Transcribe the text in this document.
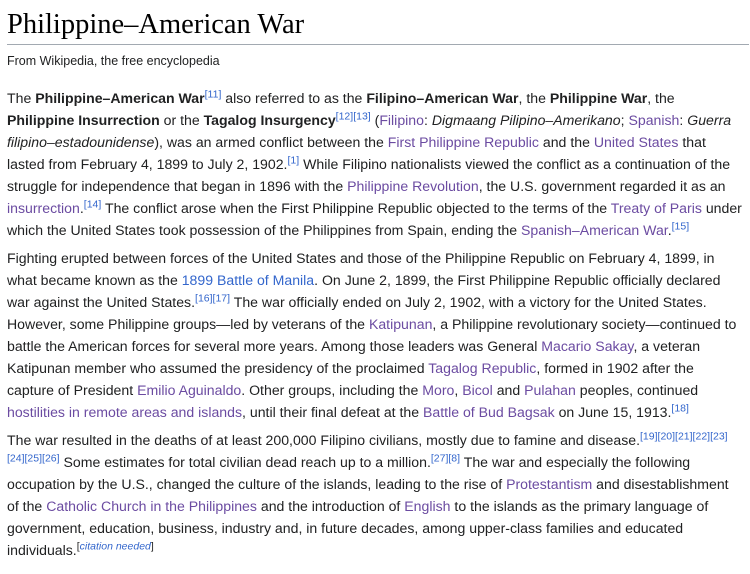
Philippine–American War
From Wikipedia, the free encyclopedia

The Philippine–American War[11] also referred to as the Filipino–American War, the Philippine War, the
Philippine Insurrection or the Tagalog Insurgency[12][13] (Filipino: Digmaang Pilipino–Amerikano; Spanish: Guerra filipino–estadounidense), was an armed conflict between the First Philippine Republic and the United States that lasted from February 4, 1899 to July 2, 1902.[1] While Filipino nationalists viewed the conflict as a continuation of the struggle for independence that began in 1896 with the Philippine Revolution, the U.S. government regarded it as an insurrection.[14] The conflict arose when the First Philippine Republic objected to the terms of the Treaty of Paris under which the United States took possession of the Philippines from Spain, ending the Spanish–American War.[15]

Fighting erupted between forces of the United States and those of the Philippine Republic on February 4, 1899, in what became known as the 1899 Battle of Manila. On June 2, 1899, the First Philippine Republic officially declared war against the United States.[16][17] The war officially ended on July 2, 1902, with a victory for the United States. However, some Philippine groups—led by veterans of the Katipunan, a Philippine revolutionary society—continued to battle the American forces for several more years. Among those leaders was General Macario Sakay, a veteran Katipunan member who assumed the presidency of the proclaimed Tagalog Republic, formed in 1902 after the capture of President Emilio Aguinaldo. Other groups, including the Moro, Bicol and Pulahan peoples, continued hostilities in remote areas and islands, until their final defeat at the Battle of Bud Bagsak on June 15, 1913.[18]

The war resulted in the deaths of at least 200,000 Filipino civilians, mostly due to famine and disease.[19][20][21][22][23][24][25][26] Some estimates for total civilian dead reach up to a million.[27][8] The war and especially the following occupation by the U.S., changed the culture of the islands, leading to the rise of Protestantism and disestablishment of the Catholic Church in the Philippines and the introduction of English to the islands as the primary language of government, education, business, industry and, in future decades, among upper-class families and educated individuals.[citation needed]
